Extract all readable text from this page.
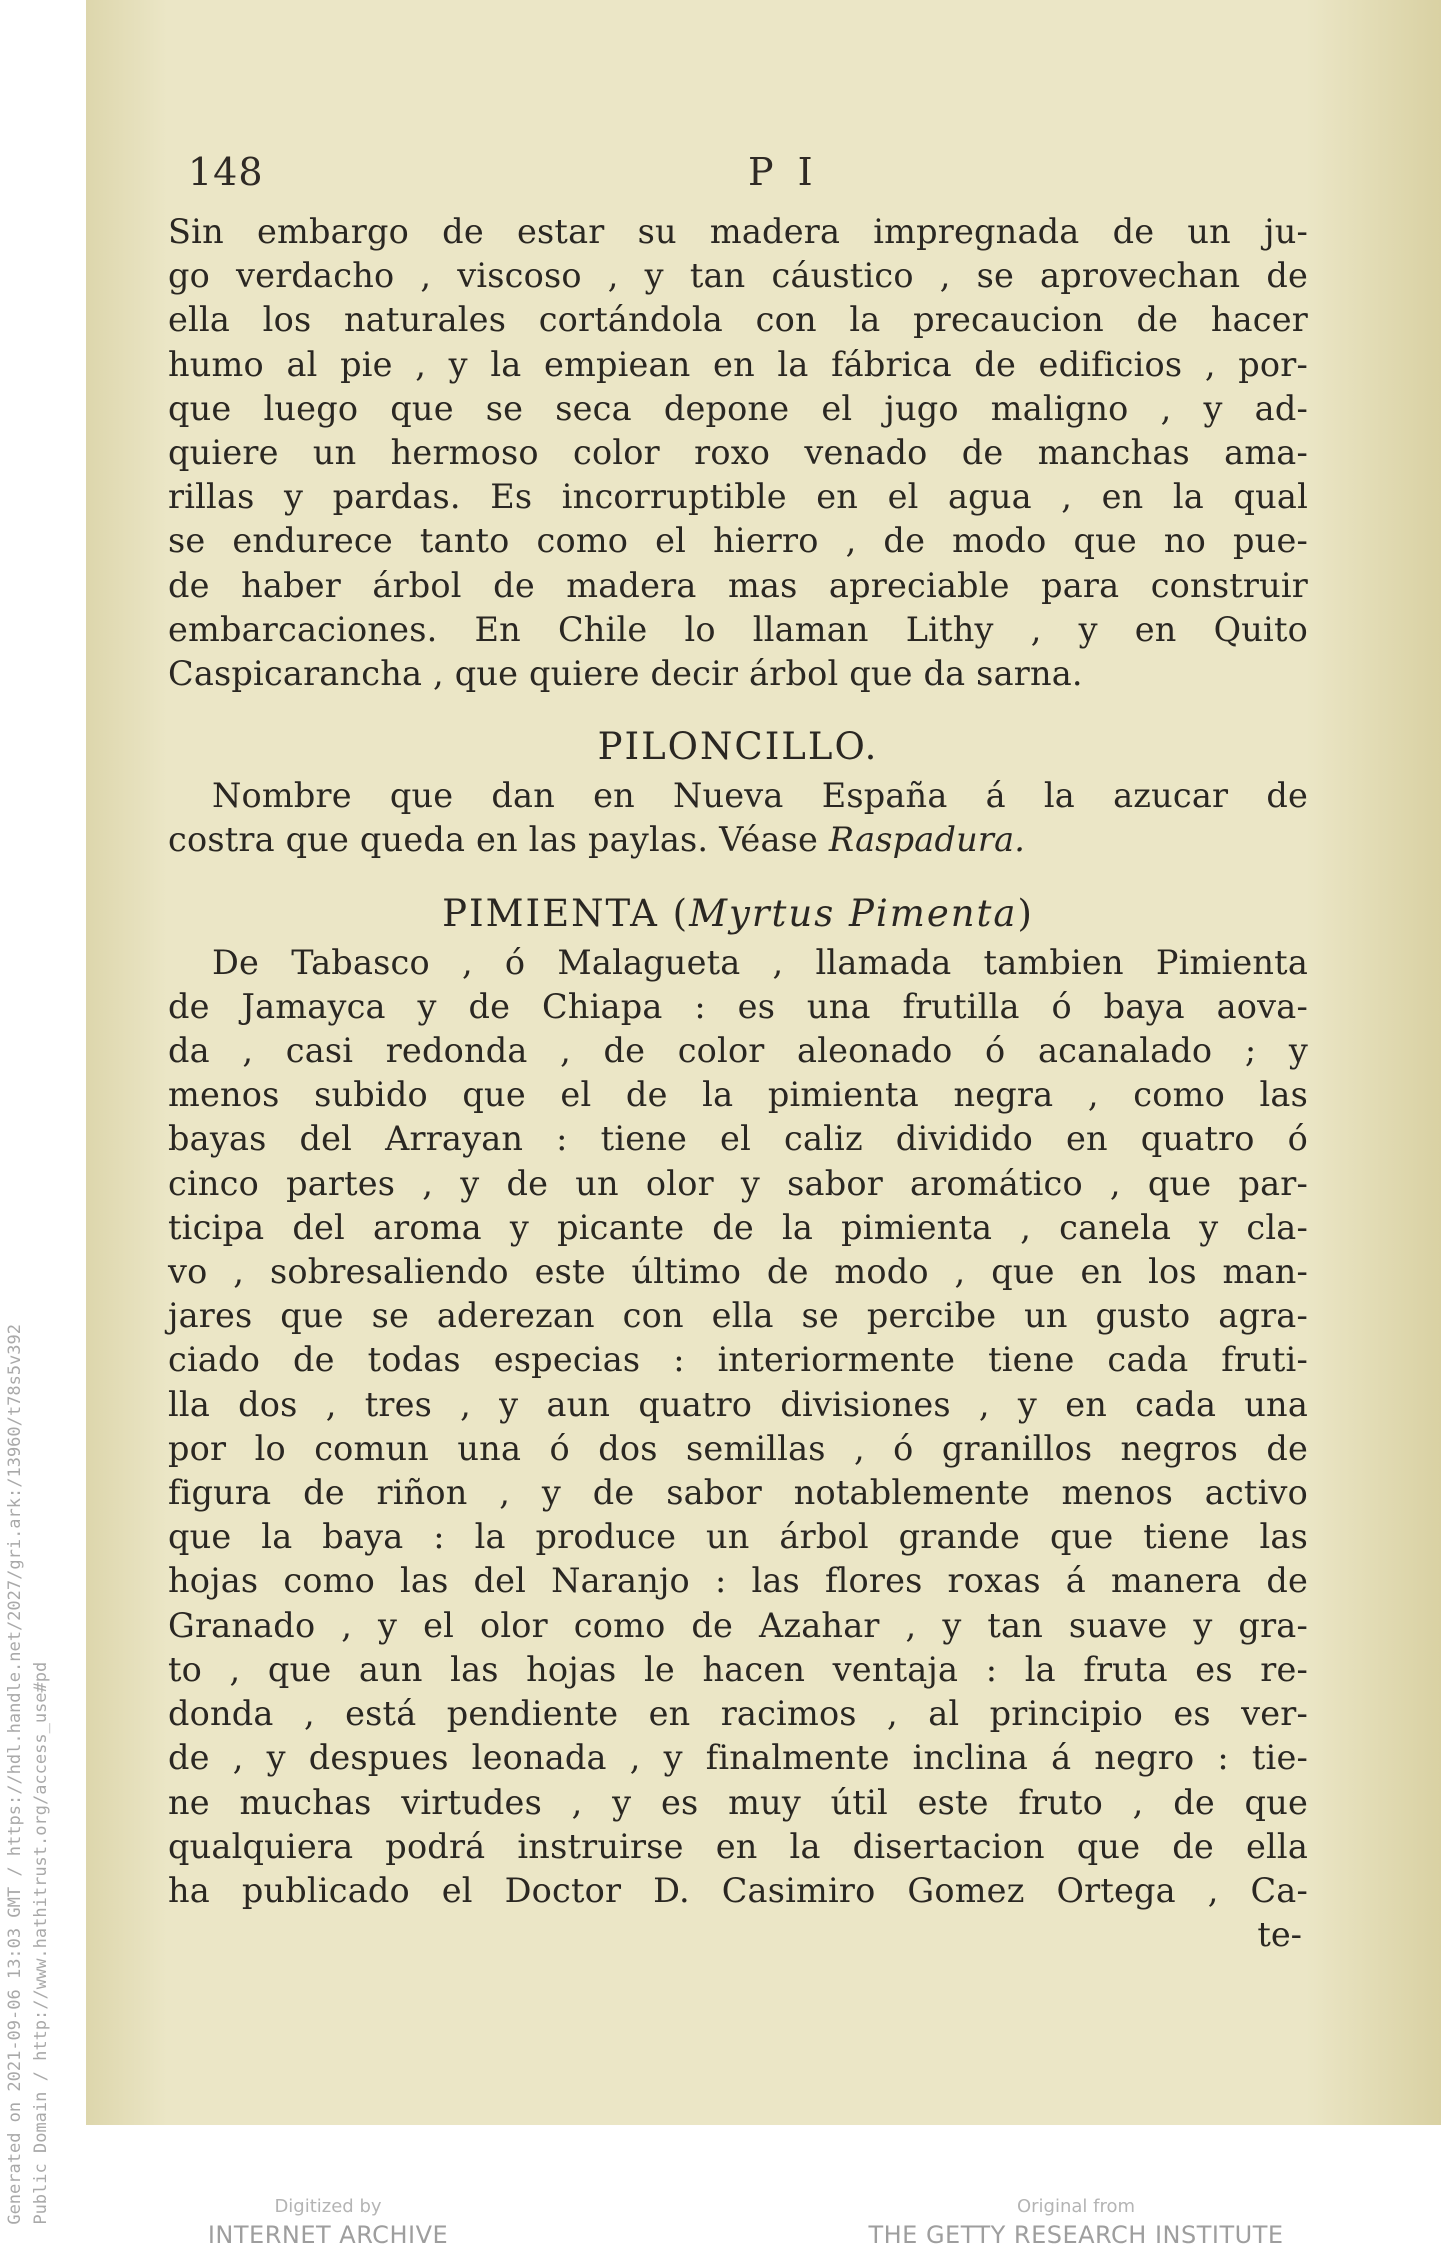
Generated on 2021-09-06 13:03 GMT / https://hdl.handle.net/2027/gri.ark:/13960/t78s5v392 Public Domain / http://www.hathitrust.org/access_use#pd
148	P I
Sin embargo de estar su madera impregnada de un ju-
go verdacho , viscoso , y tan cáustico , se aprovechan de
ella los naturales cortándola con la precaucion de hacer
humo al pie , y la empiean en la fábrica de edificios , por-
que luego que se seca depone el jugo maligno , y ad-
quiere un hermoso color roxo venado de manchas ama-
rillas y pardas. Es incorruptible en el agua , en la qual
se endurece tanto como el hierro , de modo que no pue-
de haber árbol de madera mas apreciable para construir
embarcaciones. En Chile lo llaman Lithy , y en Quito
Caspicarancha , que quiere decir árbol que da sarna.
PILONCILLO.
Nombre que dan en Nueva España á la azucar de
costra que queda en las paylas. Véase Raspadura.
PIMIENTA (Myrtus Pimenta)
De Tabasco , ó Malagueta , llamada tambien Pimienta
de Jamayca y de Chiapa : es una frutilla ó baya aova-
da , casi redonda , de color aleonado ó acanalado ; y
menos subido que el de la pimienta negra , como las
bayas del Arrayan : tiene el caliz dividido en quatro ó
cinco partes , y de un olor y sabor aromático , que par-
ticipa del aroma y picante de la pimienta , canela y cla-
vo , sobresaliendo este último de modo , que en los man-
jares que se aderezan con ella se percibe un gusto agra-
ciado de todas especias : interiormente tiene cada fruti-
lla dos , tres , y aun quatro divisiones , y en cada una
por lo comun una ó dos semillas , ó granillos negros de
figura de riñon , y de sabor notablemente menos activo
que la baya : la produce un árbol grande que tiene las
hojas como las del Naranjo : las flores roxas á manera de
Granado , y el olor como de Azahar , y tan suave y gra-
to , que aun las hojas le hacen ventaja : la fruta es re-
donda , está pendiente en racimos , al principio es ver-
de , y despues leonada , y finalmente inclina á negro : tie-
ne muchas virtudes , y es muy útil este fruto , de que
qualquiera podrá instruirse en la disertacion que de ella
ha publicado el Doctor D. Casimiro Gomez Ortega , Ca-
te-
Digitized by
INTERNET ARCHIVE
Original from
THE GETTY RESEARCH INSTITUTE
